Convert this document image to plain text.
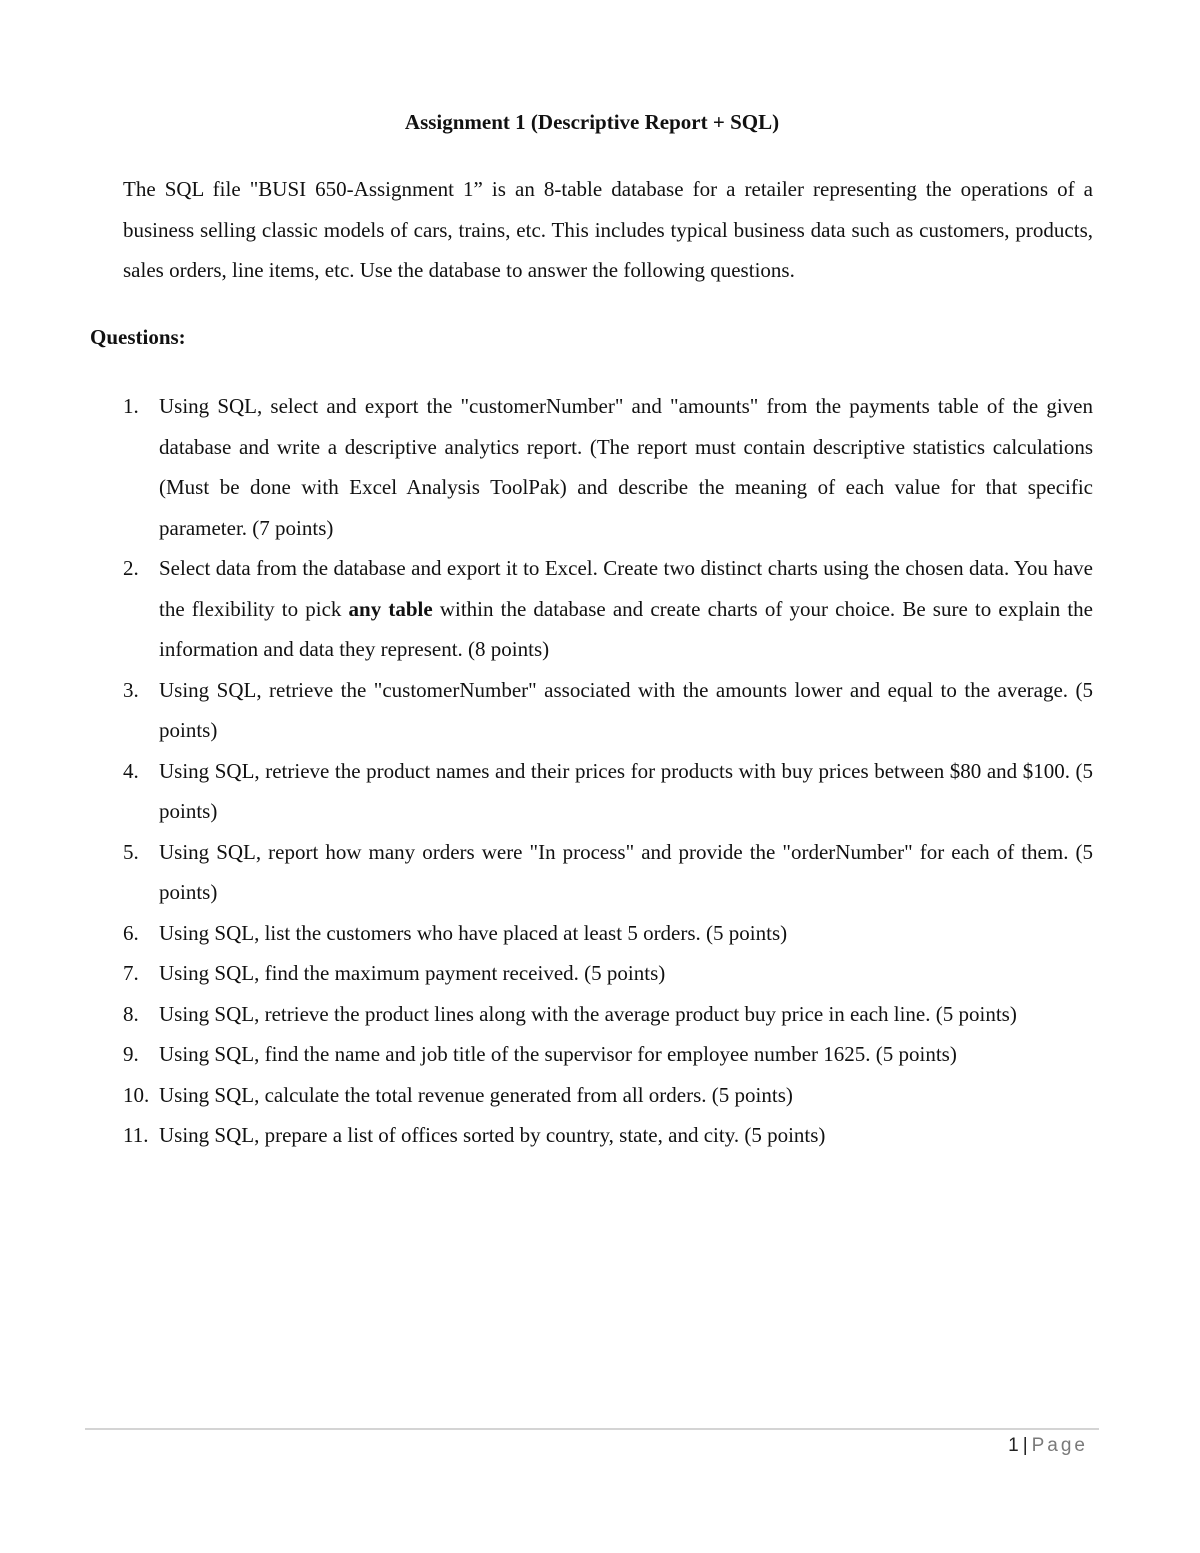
Assignment 1 (Descriptive Report + SQL)

The SQL file "BUSI 650-Assignment 1” is an 8-table database for a retailer representing the operations of a business selling classic models of cars, trains, etc. This includes typical business data such as customers, products, sales orders, line items, etc. Use the database to answer the following questions.

Questions:
1. Using SQL, select and export the "customerNumber" and "amounts" from the payments table of the given database and write a descriptive analytics report. (The report must contain descriptive statistics calculations (Must be done with Excel Analysis ToolPak) and describe the meaning of each value for that specific parameter. (7 points)
2. Select data from the database and export it to Excel. Create two distinct charts using the chosen data. You have the flexibility to pick any table within the database and create charts of your choice. Be sure to explain the information and data they represent. (8 points)
3. Using SQL, retrieve the "customerNumber" associated with the amounts lower and equal to the average. (5 points)
4. Using SQL, retrieve the product names and their prices for products with buy prices between $80 and $100. (5 points)
5. Using SQL, report how many orders were "In process" and provide the "orderNumber" for each of them. (5 points)
6. Using SQL, list the customers who have placed at least 5 orders. (5 points)
7. Using SQL, find the maximum payment received. (5 points)
8. Using SQL, retrieve the product lines along with the average product buy price in each line. (5 points)
9. Using SQL, find the name and job title of the supervisor for employee number 1625. (5 points)
10. Using SQL, calculate the total revenue generated from all orders. (5 points)
11. Using SQL, prepare a list of offices sorted by country, state, and city. (5 points)
1 | Page
